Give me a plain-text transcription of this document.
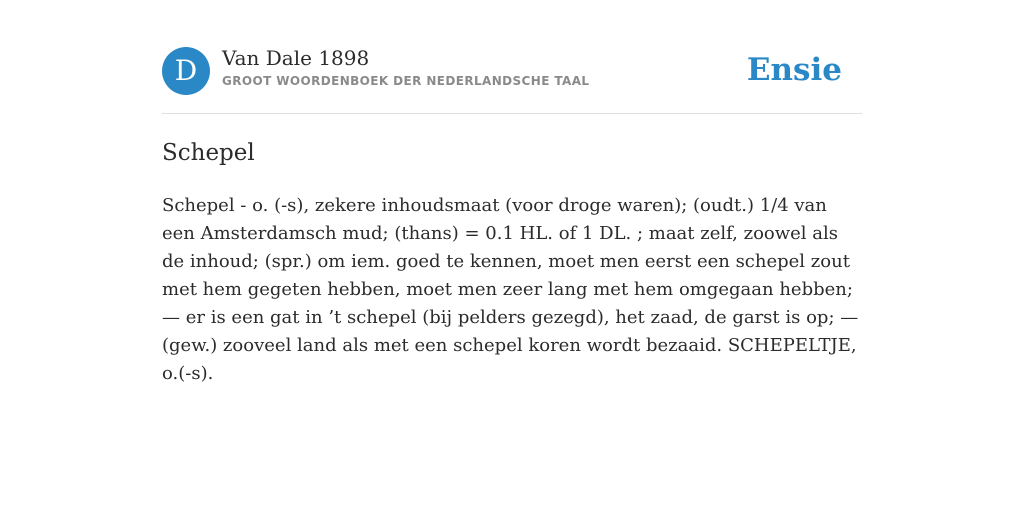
D	Van Dale 1898
GROOT WOORDENBOEK DER NEDERLANDSCHE TAAL	Ensie
Schepel
Schepel - o. (-s), zekere inhoudsmaat (voor droge waren); (oudt.) 1/4 van een Amsterdamsch mud; (thans) = 0.1 HL. of 1 DL. ; maat zelf, zoowel als de inhoud; (spr.) om iem. goed te kennen, moet men eerst een schepel zout met hem gegeten hebben, moet men zeer lang met hem omgegaan hebben; — er is een gat in ’t schepel (bij pelders gezegd), het zaad, de garst is op; — (gew.) zooveel land als met een schepel koren wordt bezaaid. SCHEPELTJE, o.(-s).
